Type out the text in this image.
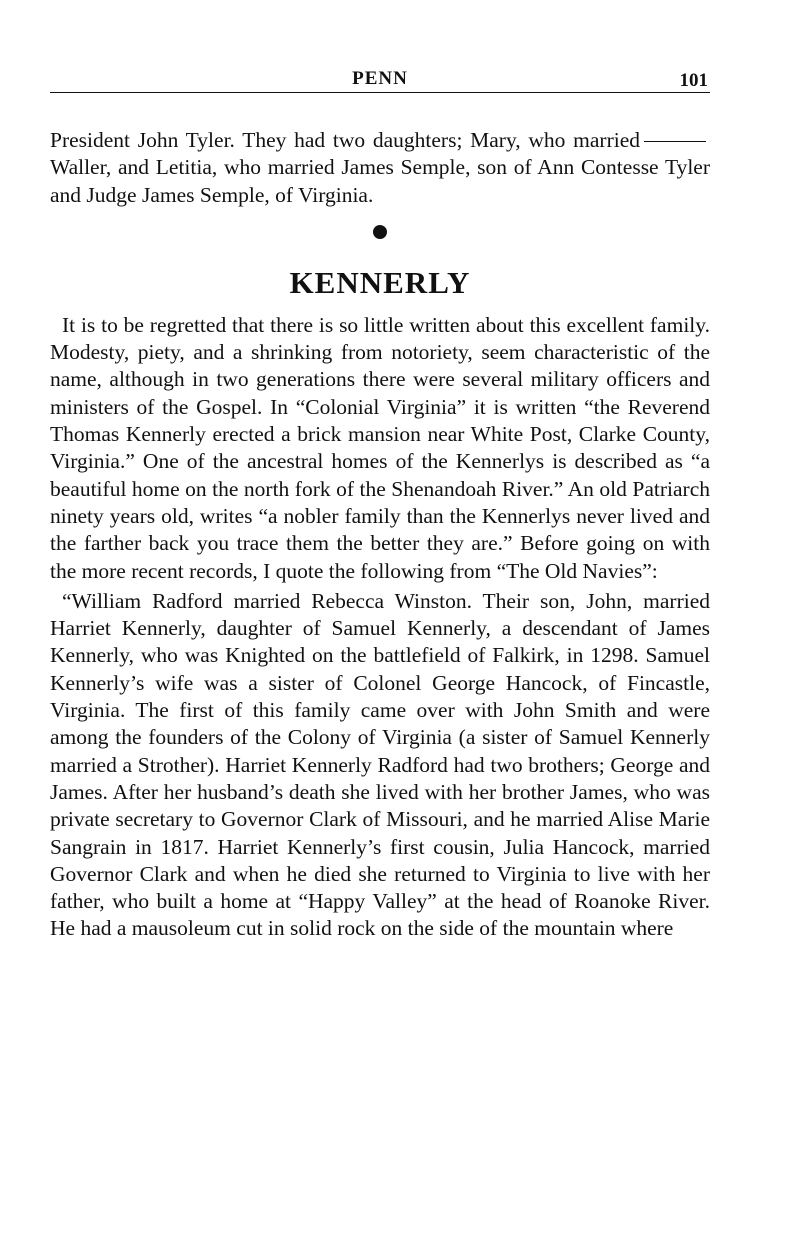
PENN	101

President John Tyler. They had two daughters; Mary, who marriedWaller, and Letitia, who married James Semple, son of Ann Contesse Tyler and Judge James Semple, of Virginia.

KENNERLY

It is to be regretted that there is so little written about this excellent family. Modesty, piety, and a shrinking from notoriety, seem characteristic of the name, although in two generations there were several military officers and ministers of the Gospel. In “Colonial Virginia” it is written “the Reverend Thomas Kennerly erected a brick mansion near White Post, Clarke County, Virginia.” One of the ancestral homes of the Kennerlys is described as “a beautiful home on the north fork of the Shenandoah River.” An old Patriarch ninety years old, writes “a nobler family than the Kennerlys never lived and the farther back you trace them the better they are.” Before going on with the more recent records, I quote the following from “The Old Navies”:

“William Radford married Rebecca Winston. Their son, John, married Harriet Kennerly, daughter of Samuel Kennerly, a descendant of James Kennerly, who was Knighted on the battlefield of Falkirk, in 1298. Samuel Kennerly’s wife was a sister of Colonel George Hancock, of Fincastle, Virginia. The first of this family came over with John Smith and were among the founders of the Colony of Virginia (a sister of Samuel Kennerly married a Strother). Harriet Kennerly Radford had two brothers; George and James. After her husband’s death she lived with her brother James, who was private secretary to Governor Clark of Missouri, and he married Alise Marie Sangrain in 1817. Harriet Kennerly’s first cousin, Julia Hancock, married Governor Clark and when he died she returned to Virginia to live with her father, who built a home at “Happy Valley” at the head of Roanoke River. He had a mausoleum cut in solid rock on the side of the mountain where
